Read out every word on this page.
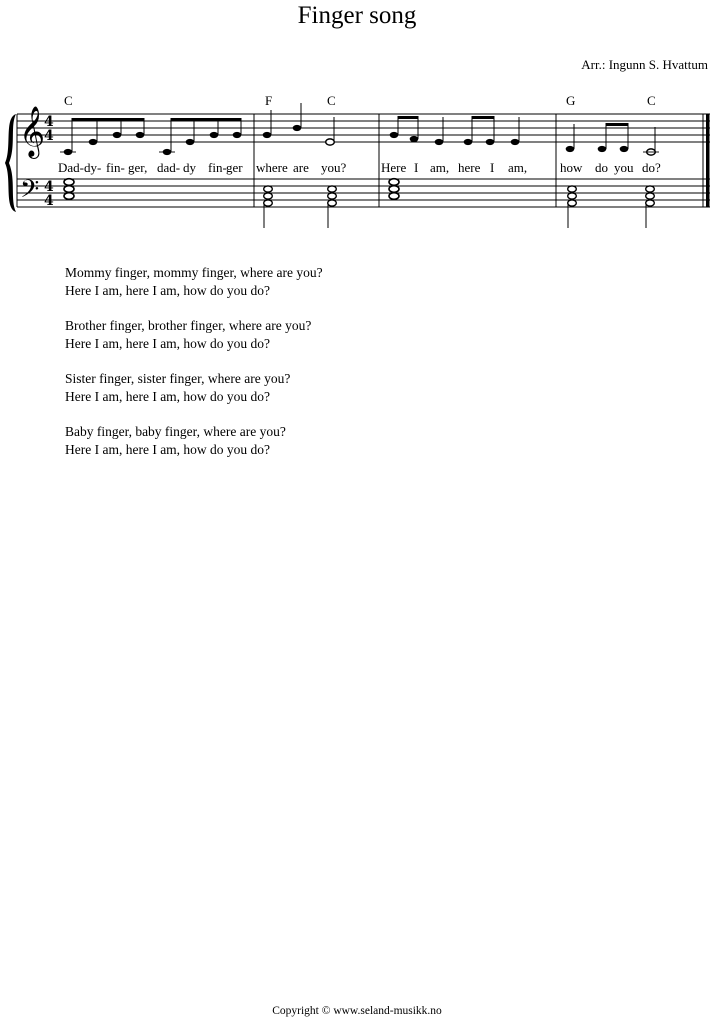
Finger song
Arr.: Ingunn S. Hvattum
𝄞
𝄢
4
4
4
4
C	F	C	G	C
Dad- dy- fin- ger, dad- dy fin- ger where are you?	Here I am, here I am,	how do you do?
Mommy finger, mommy finger, where are you?
Here I am, here I am, how do you do?
Brother finger, brother finger, where are you?
Here I am, here I am, how do you do?
Sister finger, sister finger, where are you?
Here I am, here I am, how do you do?
Baby finger, baby finger, where are you?
Here I am, here I am, how do you do?
Copyright © www.seland-musikk.no
